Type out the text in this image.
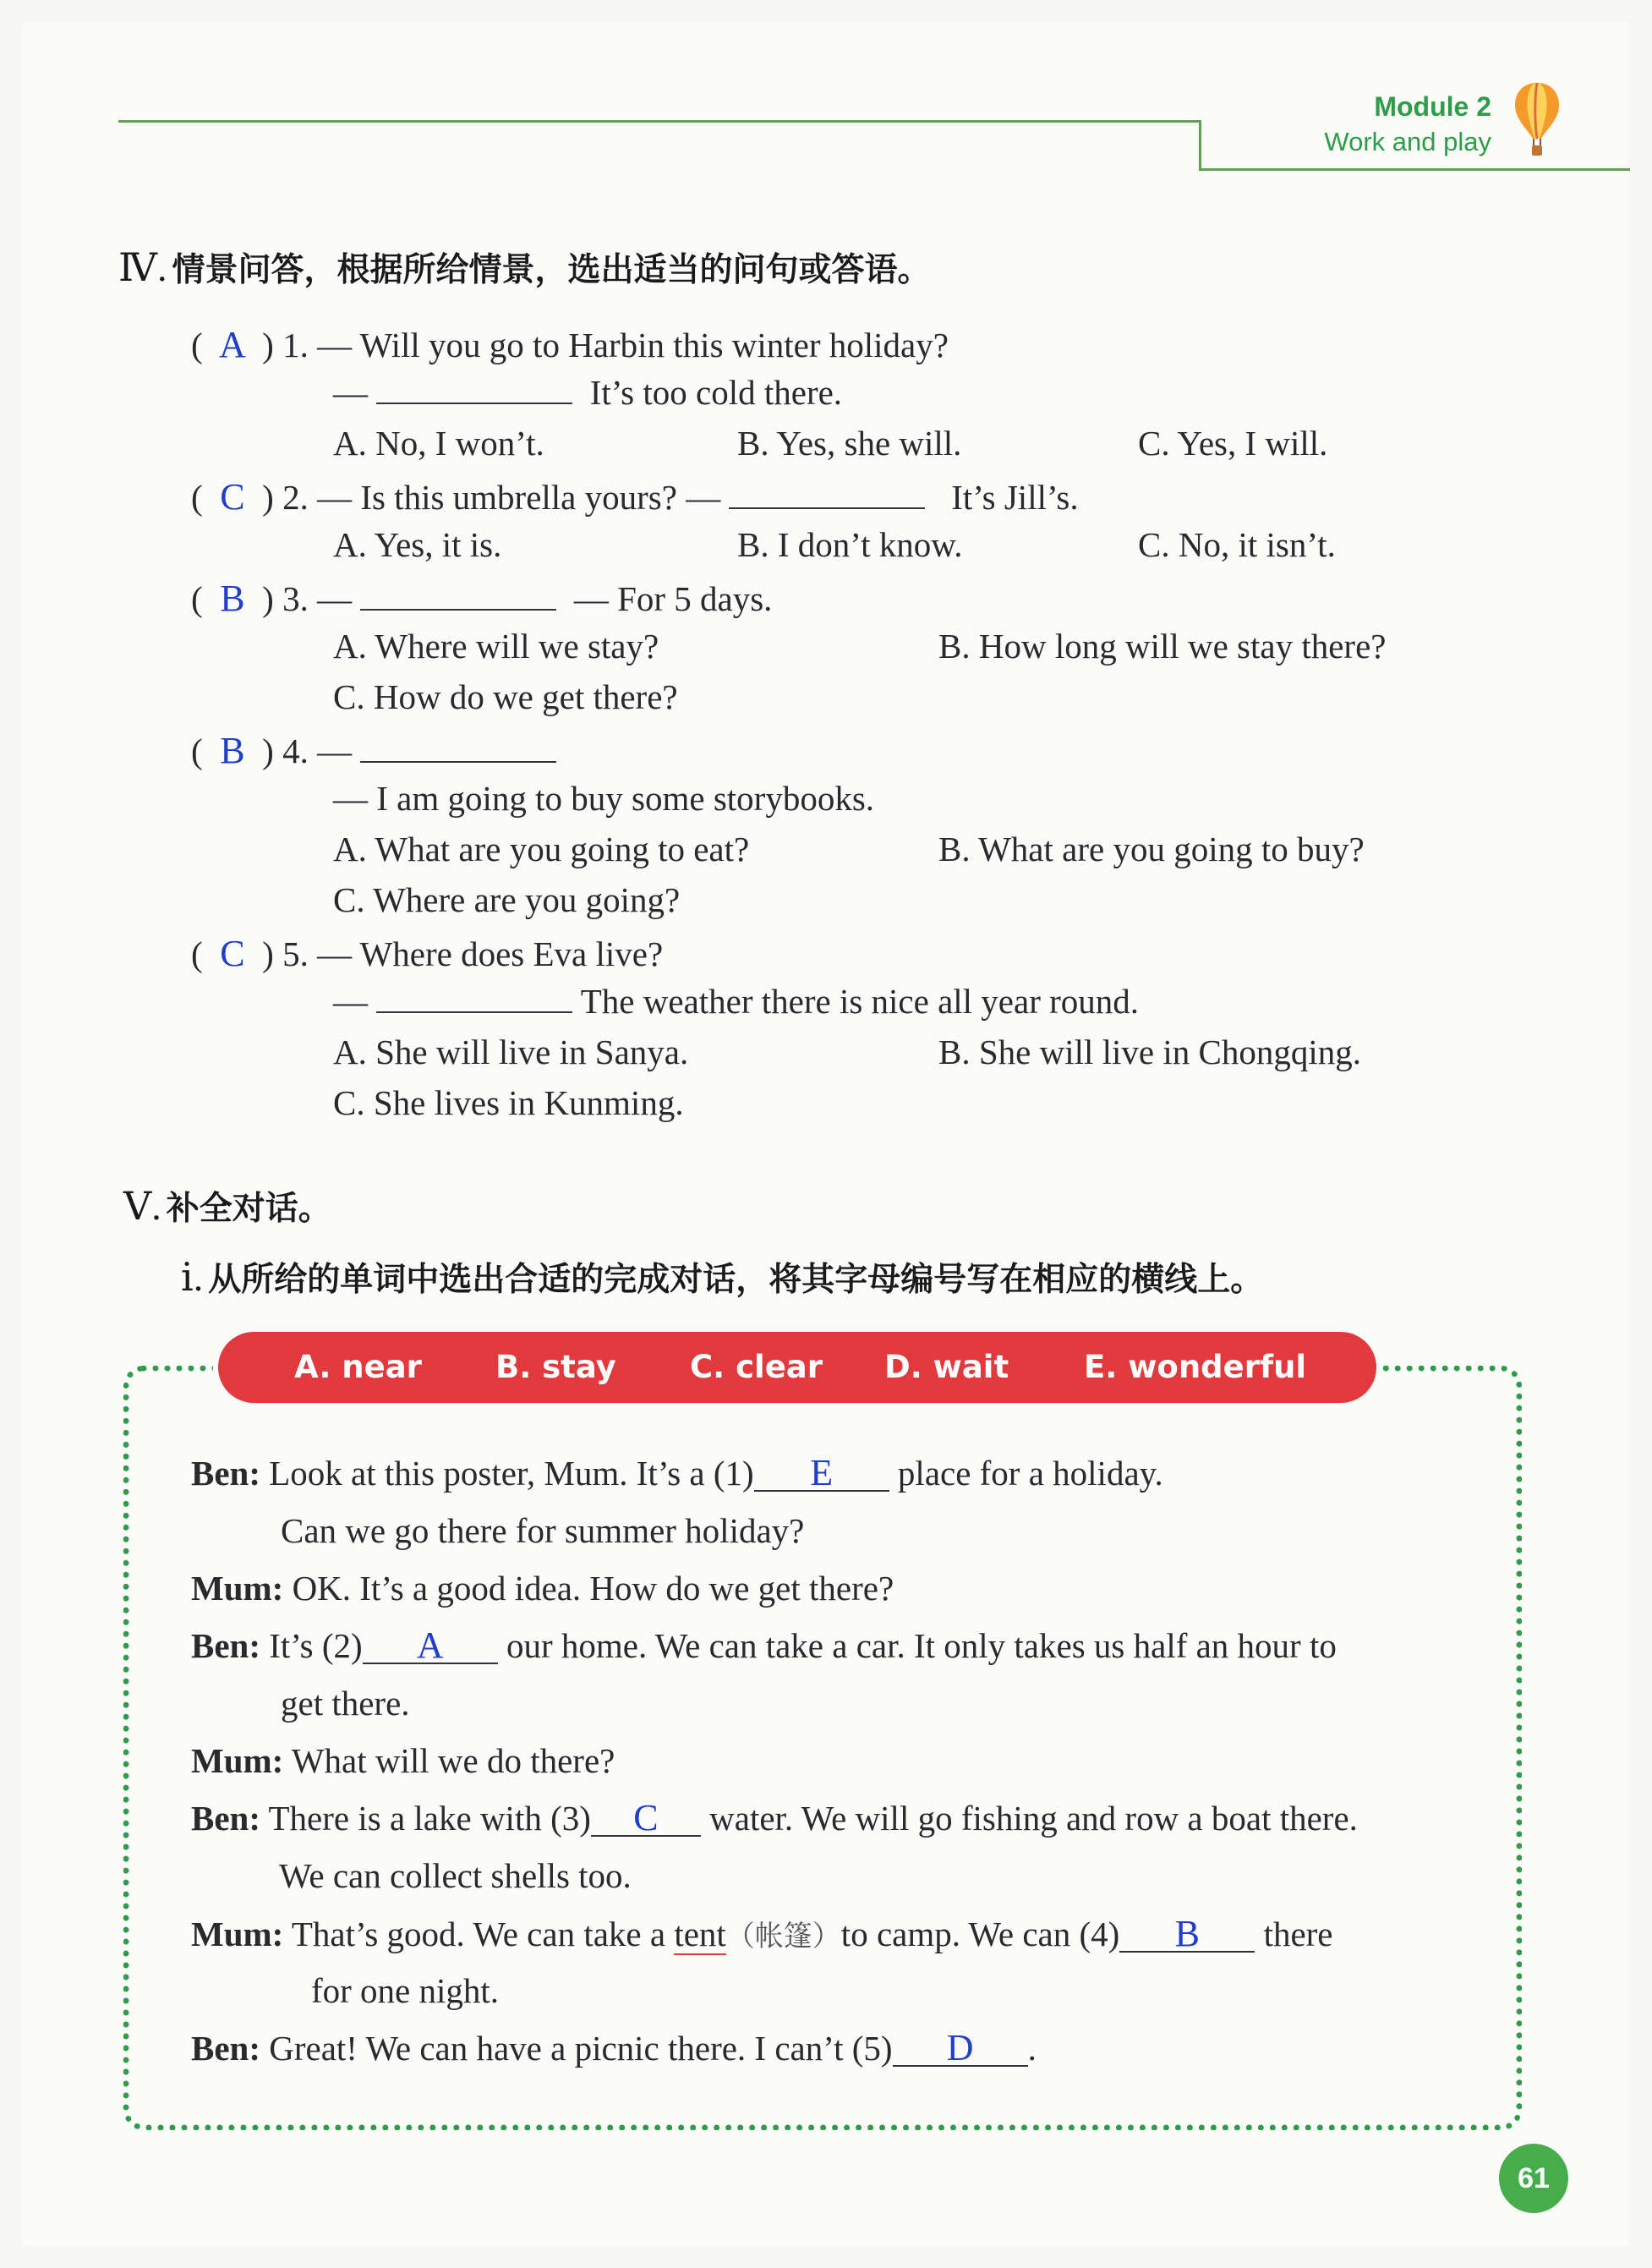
Module 2
Work and play
Ⅳ. 情景问答，根据所给情景，选出适当的问句或答语。
( A ) 1. — Will you go to Harbin this winter holiday?
—	It’s too cold there.
A. No, I won’t.	B. Yes, she will.	C. Yes, I will.
( C ) 2. — Is this umbrella yours? —	It’s Jill’s.
A. Yes, it is.	B. I don’t know.	C. No, it isn’t.
( B ) 3. —	— For 5 days.
A. Where will we stay?	B. How long will we stay there?
C. How do we get there?
( B ) 4. —
— I am going to buy some storybooks.
A. What are you going to eat?	B. What are you going to buy?
C. Where are you going?
( C ) 5. — Where does Eva live?
—	The weather there is nice all year round.
A. She will live in Sanya.	B. She will live in Chongqing.
C. She lives in Kunming.
Ⅴ. 补全对话。
ⅰ. 从所给的单词中选出合适的完成对话，将其字母编号写在相应的横线上。
A. near B. stay C. clear D. wait E. wonderful
Ben: Look at this poster, Mum. It’s a (1) E place for a holiday.
Can we go there for summer holiday?
Mum: OK. It’s a good idea. How do we get there?
Ben: It’s (2) A our home. We can take a car. It only takes us half an hour to
get there.
Mum: What will we do there?
Ben: There is a lake with (3) C water. We will go fishing and row a boat there.
We can collect shells too.
Mum: That’s good. We can take a tent（帐篷）to camp. We can (4) B there
for one night.
Ben: Great! We can have a picnic there. I can’t (5) D .
61
